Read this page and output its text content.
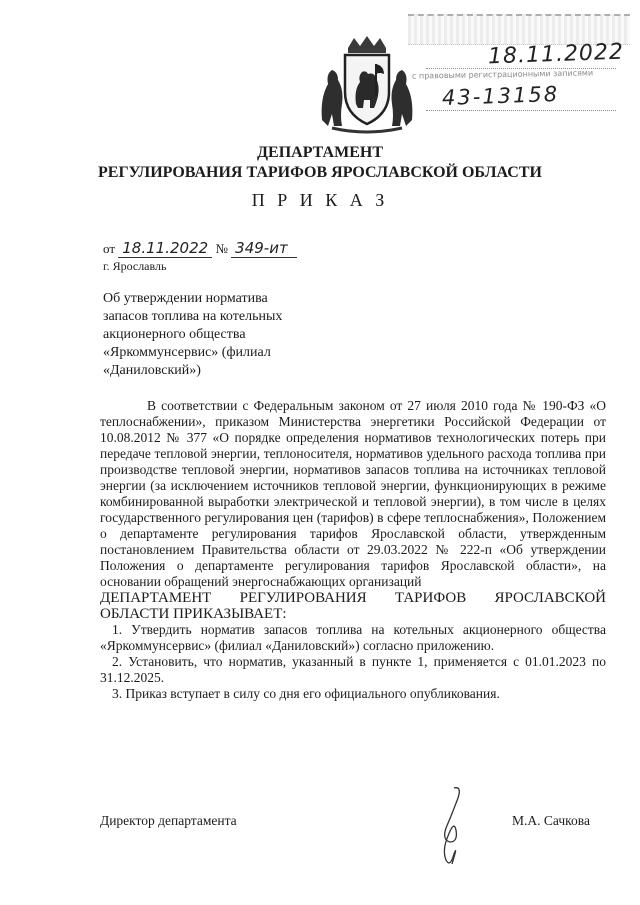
18.11.2022
с правовыми регистрационными записями
43-13158
ДЕПАРТАМЕНТ
РЕГУЛИРОВАНИЯ ТАРИФОВ ЯРОСЛАВСКОЙ ОБЛАСТИ
П Р И К А З
от 18.11.2022 № 349-ит
г. Ярославль
Об утверждении норматива запасов топлива на котельных акционерного общества «Яркоммунсервис» (филиал «Даниловский»)

В соответствии с Федеральным законом от 27 июля 2010 года № 190-ФЗ «О теплоснабжении», приказом Министерства энергетики Российской Федерации от 10.08.2012 № 377 «О порядке определения нормативов технологических потерь при передаче тепловой энергии, теплоносителя, нормативов удельного расхода топлива при производстве тепловой энергии, нормативов запасов топлива на источниках тепловой энергии (за исключением источников тепловой энергии, функционирующих в режиме комбинированной выработки электрической и тепловой энергии), в том числе в целях государственного регулирования цен (тарифов) в сфере теплоснабжения», Положением о департаменте регулирования тарифов Ярославской области, утвержденным постановлением Правительства области от 29.03.2022 № 222-п «Об утверждении Положения о департаменте регулирования тарифов Ярославской области», на основании обращений энергоснабжающих организаций

ДЕПАРТАМЕНТ РЕГУЛИРОВАНИЯ ТАРИФОВ ЯРОСЛАВСКОЙ

ОБЛАСТИ ПРИКАЗЫВАЕТ:

1. Утвердить норматив запасов топлива на котельных акционерного общества «Яркоммунсервис» (филиал «Даниловский») согласно приложению.

2. Установить, что норматив, указанный в пункте 1, применяется с 01.01.2023 по 31.12.2025.

3. Приказ вступает в силу со дня его официального опубликования.

Директор департамента	М.А. Сачкова
